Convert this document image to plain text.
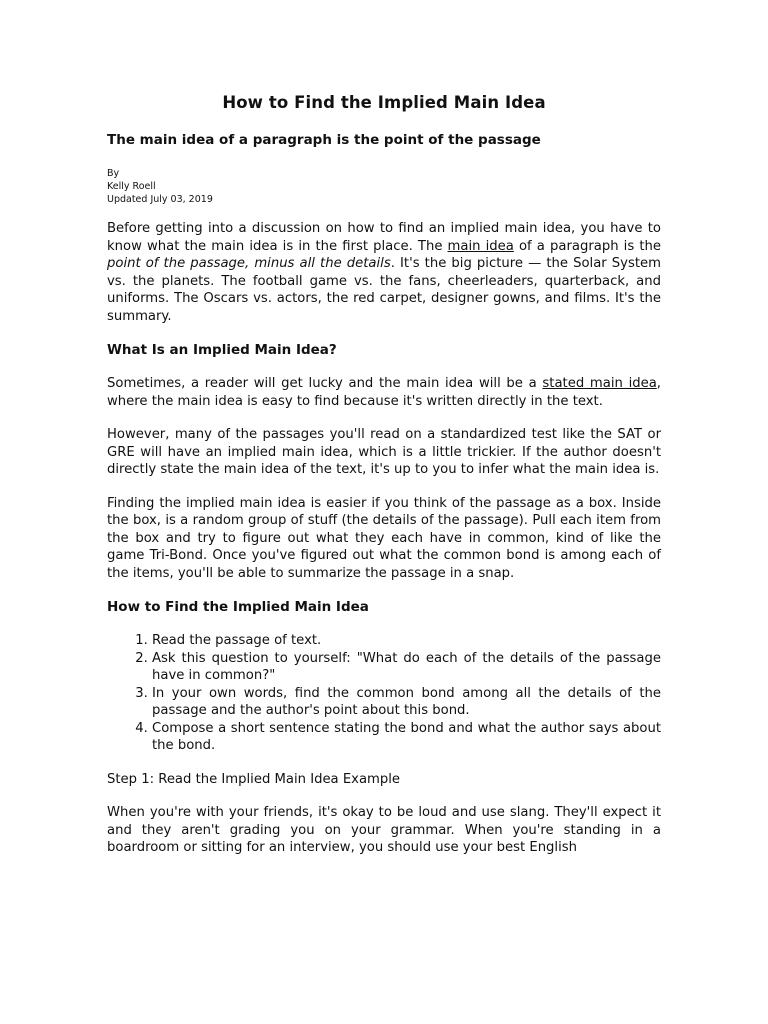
How to Find the Implied Main Idea
The main idea of a paragraph is the point of the passage
By
Kelly Roell
Updated July 03, 2019

Before getting into a discussion on how to find an implied main idea, you have to know what the main idea is in the first place. The main idea of a paragraph is the point of the passage, minus all the details. It's the big picture — the Solar System vs. the planets. The football game vs. the fans, cheerleaders, quarterback, and uniforms. The Oscars vs. actors, the red carpet, designer gowns, and films. It's the summary.

What Is an Implied Main Idea?

Sometimes, a reader will get lucky and the main idea will be a stated main idea, where the main idea is easy to find because it's written directly in the text.

However, many of the passages you'll read on a standardized test like the SAT or GRE will have an implied main idea, which is a little trickier. If the author doesn't directly state the main idea of the text, it's up to you to infer what the main idea is.

Finding the implied main idea is easier if you think of the passage as a box. Inside the box, is a random group of stuff (the details of the passage). Pull each item from the box and try to figure out what they each have in common, kind of like the game Tri-Bond. Once you've figured out what the common bond is among each of the items, you'll be able to summarize the passage in a snap.

How to Find the Implied Main Idea
1. Read the passage of text.
2. Ask this question to yourself: "What do each of the details of the passage have in common?"
3. In your own words, find the common bond among all the details of the passage and the author's point about this bond.
4. Compose a short sentence stating the bond and what the author says about the bond.
Step 1: Read the Implied Main Idea Example

When you're with your friends, it's okay to be loud and use slang. They'll expect it and they aren't grading you on your grammar. When you're standing in a boardroom or sitting for an interview, you should use your best English
